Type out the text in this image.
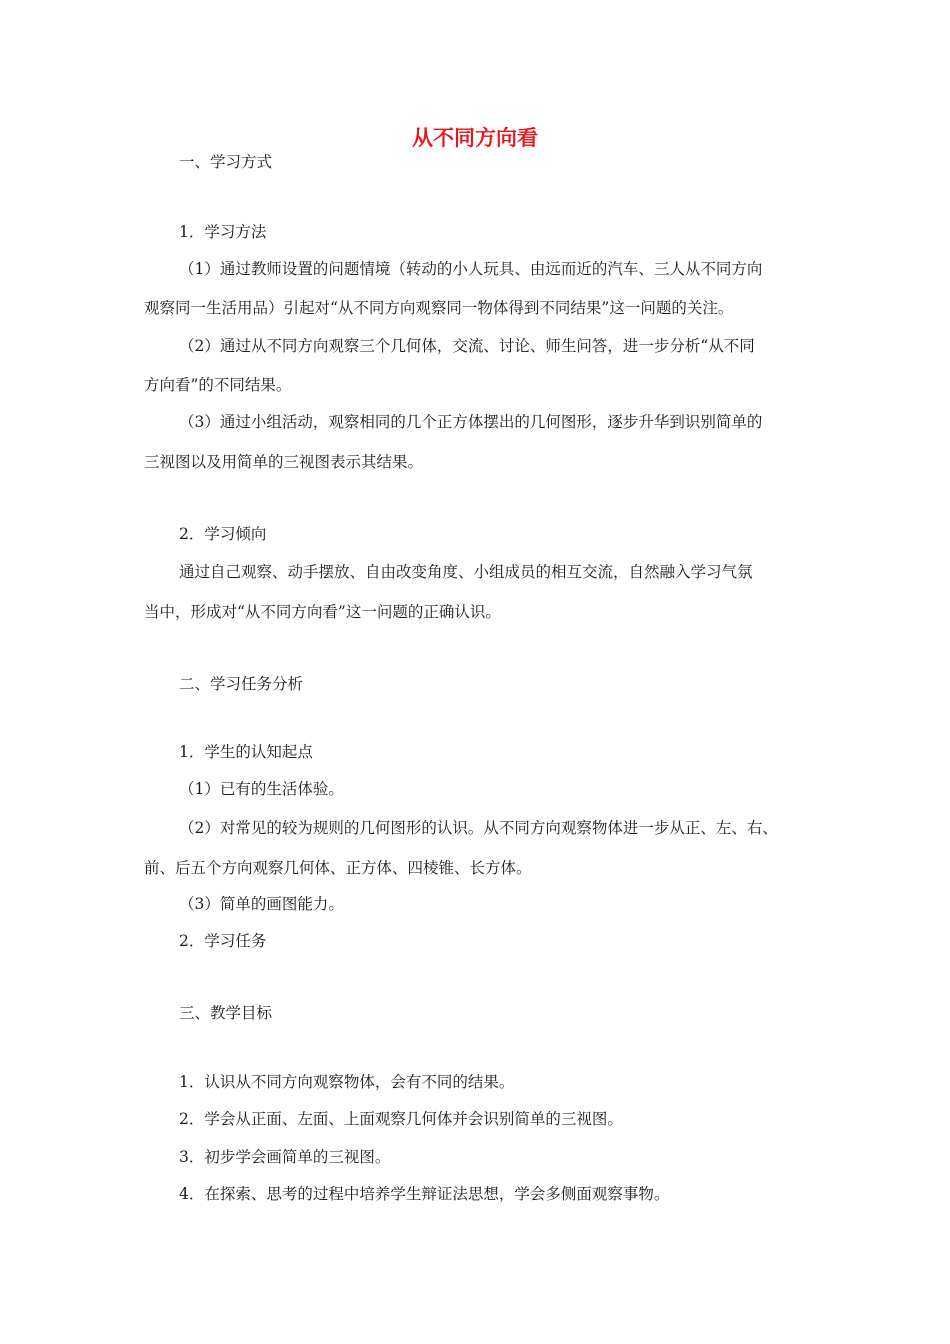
从不同方向看
一、学习方式
1．学习方法
（1）通过教师设置的问题情境（转动的小人玩具、由远而近的汽车、三人从不同方向
观察同一生活用品）引起对“从不同方向观察同一物体得到不同结果”这一问题的关注。
（2）通过从不同方向观察三个几何体，交流、讨论、师生问答，进一步分析“从不同
方向看”的不同结果。
（3）通过小组活动，观察相同的几个正方体摆出的几何图形，逐步升华到识别简单的
三视图以及用简单的三视图表示其结果。
2．学习倾向
通过自己观察、动手摆放、自由改变角度、小组成员的相互交流，自然融入学习气氛
当中，形成对“从不同方向看”这一问题的正确认识。
二、学习任务分析
1．学生的认知起点
（1）已有的生活体验。
（2）对常见的较为规则的几何图形的认识。从不同方向观察物体进一步从正、左、右、
前、后五个方向观察几何体、正方体、四棱锥、长方体。
（3）简单的画图能力。
2．学习任务
三、教学目标
1．认识从不同方向观察物体，会有不同的结果。
2．学会从正面、左面、上面观察几何体并会识别简单的三视图。
3．初步学会画简单的三视图。
4．在探索、思考的过程中培养学生辩证法思想，学会多侧面观察事物。
